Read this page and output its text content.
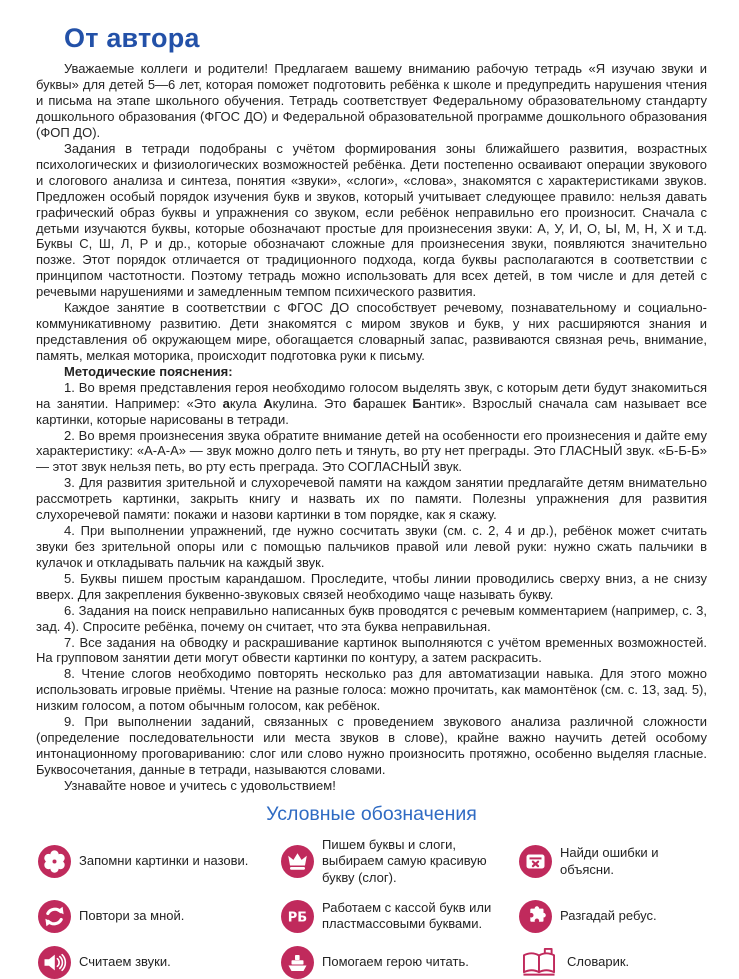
От автора

Уважаемые коллеги и родители! Предлагаем вашему вниманию рабочую тетрадь «Я изучаю звуки и буквы» для детей 5—6 лет, которая поможет подготовить ребёнка к школе и предупредить нарушения чтения и письма на этапе школьного обучения. Тетрадь соответствует Федеральному образовательному стандарту дошкольного образования (ФГОС ДО) и Федеральной образовательной программе дошкольного образования (ФОП ДО).

Задания в тетради подобраны с учётом формирования зоны ближайшего развития, возрастных психологических и физиологических возможностей ребёнка. Дети постепенно осваивают операции звукового и слогового анализа и синтеза, понятия «звуки», «слоги», «слова», знакомятся с характеристиками звуков. Предложен особый порядок изучения букв и звуков, который учитывает следующее правило: нельзя давать графический образ буквы и упражнения со звуком, если ребёнок неправильно его произносит. Сначала с детьми изучаются буквы, которые обозначают простые для произнесения звуки: А, У, И, О, Ы, М, Н, Х и т.д. Буквы С, Ш, Л, Р и др., которые обозначают сложные для произнесения звуки, появляются значительно позже. Этот порядок отличается от традиционного подхода, когда буквы располагаются в соответствии с принципом частотности. Поэтому тетрадь можно использовать для всех детей, в том числе и для детей с речевыми нарушениями и замедленным темпом психического развития.

Каждое занятие в соответствии с ФГОС ДО способствует речевому, познавательному и социально-коммуникативному развитию. Дети знакомятся с миром звуков и букв, у них расширяются знания и представления об окружающем мире, обогащается словарный запас, развиваются связная речь, внимание, память, мелкая моторика, происходит подготовка руки к письму.

Методические пояснения:

1. Во время представления героя необходимо голосом выделять звук, с которым дети будут знакомиться на занятии. Например: «Это акула Акулина. Это барашек Бантик». Взрослый сначала сам называет все картинки, которые нарисованы в тетради.

2. Во время произнесения звука обратите внимание детей на особенности его произнесения и дайте ему характеристику: «А-А-А» — звук можно долго петь и тянуть, во рту нет преграды. Это ГЛАСНЫЙ звук. «Б-Б-Б» — этот звук нельзя петь, во рту есть преграда. Это СОГЛАСНЫЙ звук.

3. Для развития зрительной и слухоречевой памяти на каждом занятии предлагайте детям внимательно рассмотреть картинки, закрыть книгу и назвать их по памяти. Полезны упражнения для развития слухоречевой памяти: покажи и назови картинки в том порядке, как я скажу.

4. При выполнении упражнений, где нужно сосчитать звуки (см. с. 2, 4 и др.), ребёнок может считать звуки без зрительной опоры или с помощью пальчиков правой или левой руки: нужно сжать пальчики в кулачок и откладывать пальчик на каждый звук.

5. Буквы пишем простым карандашом. Проследите, чтобы линии проводились сверху вниз, а не снизу вверх. Для закрепления буквенно-звуковых связей необходимо чаще называть букву.

6. Задания на поиск неправильно написанных букв проводятся с речевым комментарием (например, с. 3, зад. 4). Спросите ребёнка, почему он считает, что эта буква неправильная.

7. Все задания на обводку и раскрашивание картинок выполняются с учётом временных возможностей. На групповом занятии дети могут обвести картинки по контуру, а затем раскрасить.

8. Чтение слогов необходимо повторять несколько раз для автоматизации навыка. Для этого можно использовать игровые приёмы. Чтение на разные голоса: можно прочитать, как мамонтёнок (см. с. 13, зад. 5), низким голосом, а потом обычным голосом, как ребёнок.

9. При выполнении заданий, связанных с проведением звукового анализа различной сложности (определение последовательности или места звуков в слове), крайне важно научить детей особому интонационному проговариванию: слог или слово нужно произносить протяжно, особенно выделяя гласные. Буквосочетания, данные в тетради, называются словами.

Узнавайте новое и учитесь с удовольствием!

Условные обозначения
Запомни картинки и назови.
Пишем буквы и слоги, выбираем самую красивую букву (слог).
Найди ошибки и объясни.
Повтори за мной.	РБ
Работаем с кассой букв или пластмассовыми буквами.
Разгадай ребус.
Считаем звуки.	Помогаем герою читать.	Словарик.
